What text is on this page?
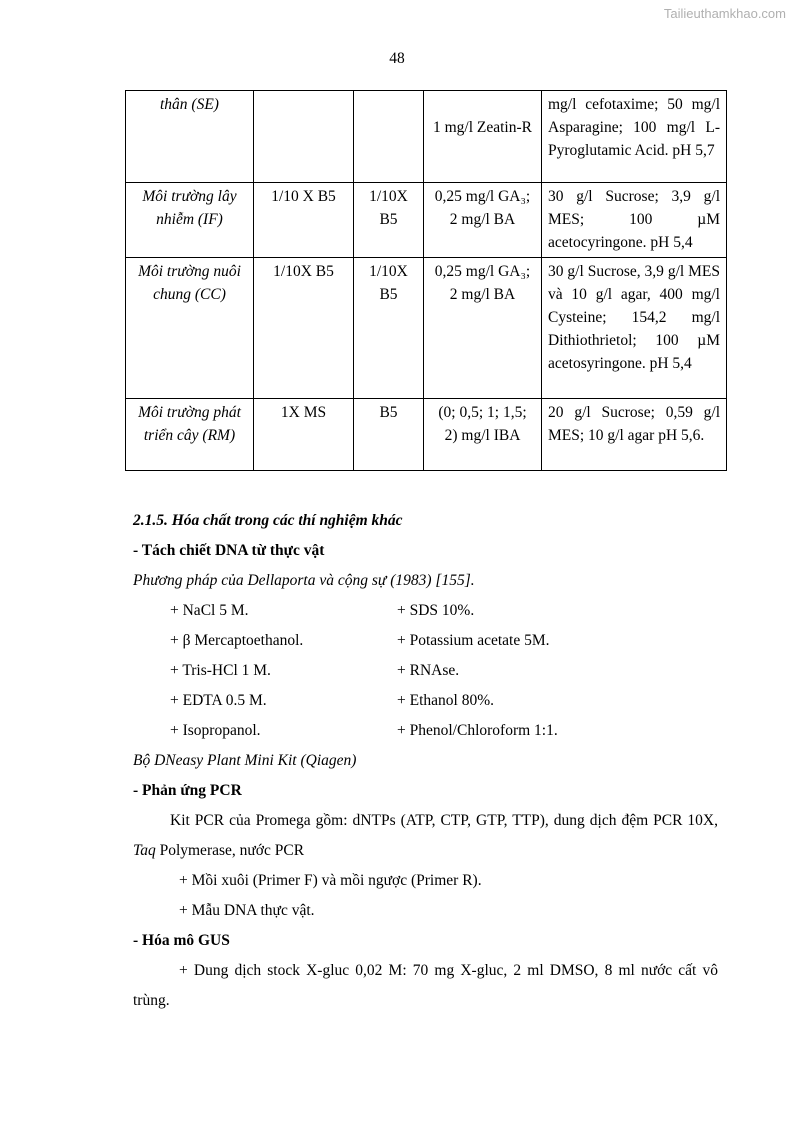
Tailieuthamkhao.com
48
thân (SE)			1 mg/l Zeatin-R	mg/l cefotaxime; 50 mg/l Asparagine; 100 mg/l L-Pyroglutamic Acid. pH 5,7
Môi trường lây nhiễm (IF)	1/10 X B5	1/10X B5	0,25 mg/l GA₃; 2 mg/l BA	30 g/l Sucrose; 3,9 g/l MES; 100 µM acetocyringone. pH 5,4
Môi trường nuôi chung (CC)	1/10X B5	1/10X B5	0,25 mg/l GA₃; 2 mg/l BA	30 g/l Sucrose, 3,9 g/l MES và 10 g/l agar, 400 mg/l Cysteine; 154,2 mg/l Dithiothrietol; 100 µM acetosyringone. pH 5,4
Môi trường phát triển cây (RM)	1X MS	B5	(0; 0,5; 1; 1,5; 2) mg/l IBA	20 g/l Sucrose; 0,59 g/l MES; 10 g/l agar pH 5,6.

2.1.5. Hóa chất trong các thí nghiệm khác

- Tách chiết DNA từ thực vật

Phương pháp của Dellaporta và cộng sự (1983) [155].

+ NaCl 5 M.	+ SDS 10%.
+ β Mercaptoethanol.	+ Potassium acetate 5M.
+ Tris-HCl 1 M.	+ RNAse.
+ EDTA 0.5 M.	+ Ethanol 80%.
+ Isopropanol.	+ Phenol/Chloroform 1:1.

Bộ DNeasy Plant Mini Kit (Qiagen)

- Phản ứng PCR

Kit PCR của Promega gồm: dNTPs (ATP, CTP, GTP, TTP), dung dịch đệm PCR 10X, Taq Polymerase, nước PCR

+ Mồi xuôi (Primer F) và mồi ngược (Primer R).

+ Mẫu DNA thực vật.

- Hóa mô GUS

+ Dung dịch stock X-gluc 0,02 M: 70 mg X-gluc, 2 ml DMSO, 8 ml nước cất vô trùng.
